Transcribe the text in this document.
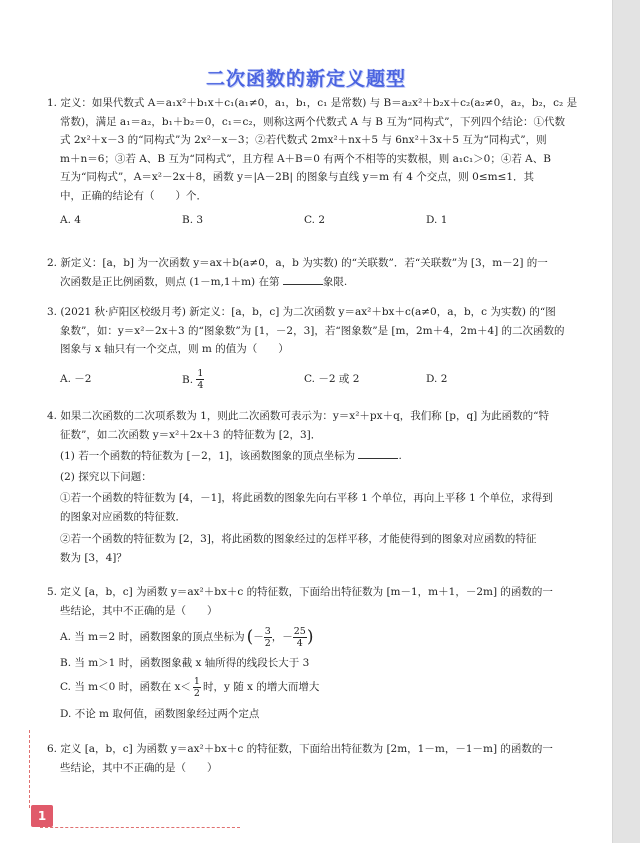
二次函数的新定义题型
1. 定义：如果代数式 A＝a₁x²＋b₁x＋c₁(a₁≠0，a₁，b₁，c₁ 是常数) 与 B＝a₂x²＋b₂x＋c₂(a₂≠0，a₂，b₂，c₂ 是
常数)，满足 a₁＝a₂，b₁＋b₂＝0，c₁＝c₂，则称这两个代数式 A 与 B 互为“同构式”，下列四个结论：①代数
式 2x²＋x－3 的“同构式”为 2x²－x－3；②若代数式 2mx²＋nx＋5 与 6nx²＋3x＋5 互为“同构式”，则
m＋n＝6；③若 A、B 互为“同构式”，且方程 A＋B＝0 有两个不相等的实数根，则 a₁c₁＞0；④若 A、B
互为“同构式”，A＝x²－2x＋8，函数 y＝|A－2B| 的图象与直线 y＝m 有 4 个交点，则 0≤m≤1．其
中，正确的结论有（　　）个．
A. 4	B. 3	C. 2	D. 1
2. 新定义：[a，b] 为一次函数 y＝ax＋b(a≠0，a，b 为实数) 的“关联数”．若“关联数”为 [3，m－2] 的一
次函数是正比例函数，则点 (1－m,1＋m) 在第	象限.
3. (2021 秋·庐阳区校级月考) 新定义：[a，b，c] 为二次函数 y＝ax²＋bx＋c(a≠0，a，b，c 为实数) 的“图
象数”，如：y＝x²－2x＋3 的“图象数”为 [1，－2，3]，若“图象数”是 [m，2m＋4，2m＋4] 的二次函数的
图象与 x 轴只有一个交点，则 m 的值为（　　）
A. －2	B. $\frac{1}{4}$	C. －2 或 2	D. 2
4. 如果二次函数的二次项系数为 1，则此二次函数可表示为：y＝x²＋px＋q，我们称 [p，q] 为此函数的“特
征数”，如二次函数 y＝x²＋2x＋3 的特征数为 [2，3]．
(1) 若一个函数的特征数为 [－2，1]，该函数图象的顶点坐标为	.
(2) 探究以下问题：
①若一个函数的特征数为 [4，－1]，将此函数的图象先向右平移 1 个单位，再向上平移 1 个单位，求得到
的图象对应函数的特征数．
②若一个函数的特征数为 [2，3]，将此函数的图象经过的怎样平移，才能使得到的图象对应函数的特征
数为 [3，4]？
5. 定义 [a，b，c] 为函数 y＝ax²＋bx＋c 的特征数，下面给出特征数为 [m－1，m＋1，－2m] 的函数的一
些结论，其中不正确的是（　　）
A. 当 m＝2 时，函数图象的顶点坐标为 ( － 3
2
，－ 25
4 )
B. 当 m＞1 时，函数图象截 x 轴所得的线段长大于 3
C. 当 m＜0 时，函数在 x＜ 1
2
时，y 随 x 的增大而增大
D. 不论 m 取何值，函数图象经过两个定点
6. 定义 [a，b，c] 为函数 y＝ax²＋bx＋c 的特征数，下面给出特征数为 [2m，1－m，－1－m] 的函数的一
些结论，其中不正确的是（　　）
1
